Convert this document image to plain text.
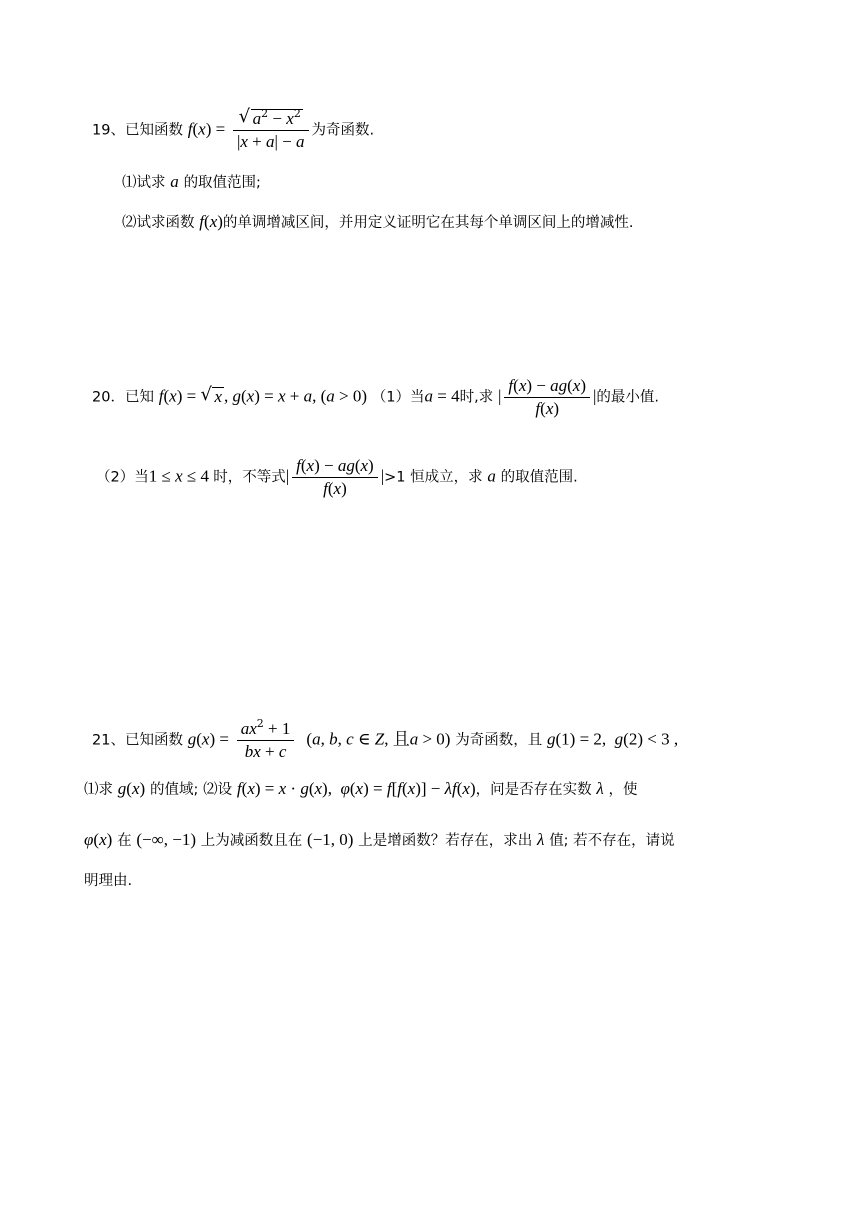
19、已知函数 $f(x) = \frac{√ a^2 - x^2}{|x + a| - a}$ 为奇函数.
⑴试求 a 的取值范围;
⑵试求函数 f(x)的单调增减区间，并用定义证明它在其每个单调区间上的增减性.
20．已知 f(x) = √ x , g(x) = x + a, (a > 0) （1）当a = 4时,求 | $\frac{f(x) - ag(x)}{f(x)}$ |的最小值.
（2）当1 ≤ x ≤ 4 时，不等式| $\frac{f(x) - ag(x)}{f(x)} |>1$ 恒成立，求 a 的取值范围.
21、已知函数 $g(x) = \frac{ax^2 + 1}{bx + c} (a$, b, c ∈ Z, 且a > 0) 为奇函数，且 g(1) = 2,  g(2) < 3 ,
⑴求 g(x) 的值域; ⑵设 f(x) = x · g(x),  φ(x) = f[f(x)] − λf(x)，问是否存在实数 λ ，使
φ(x) 在 (−∞, −1) 上为减函数且在 (−1, 0) 上是增函数？若存在，求出 λ 值; 若不存在，请说
明理由.
